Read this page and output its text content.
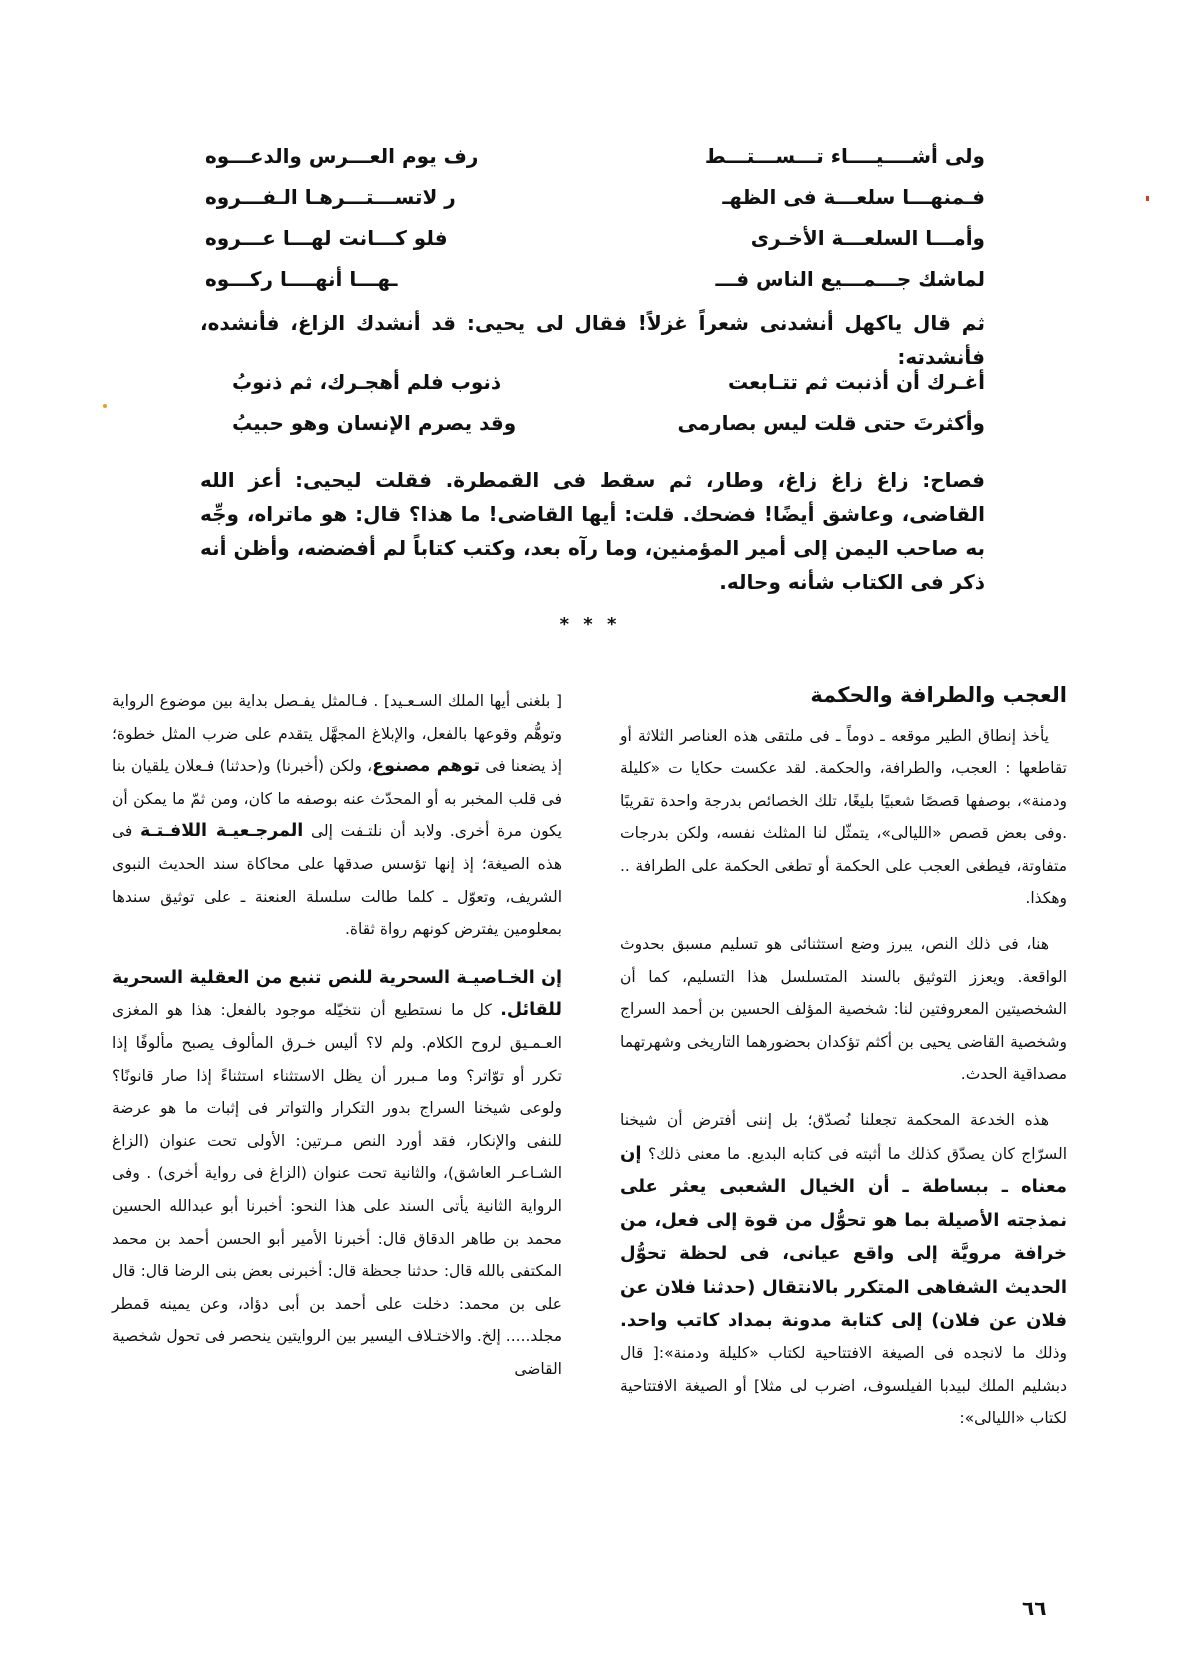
ولى أشــــيــــاء تـــســـتـــط
رف يوم العـــرس والدعـــوه
فـمنهـــا سلعـــة فى الظهـ
ر لاتســـتـــرهـا الـفـــروه
وأمـــا السلعـــة الأخـرى
فلو كـــانت لهـــا عـــروه
لماشك جـــمـــيع الناس فـــ
ـهـــا أنهــــا ركـــوه
ثم قال ياكهل أنشدنى شعراً غزلاً! فقال لى يحيى: قد أنشدك الزاغ، فأنشده، فأنشدته:
أغـرك أن أذنبت ثم تتـابعت
ذنوب فلم أهجـرك، ثم ذنوبُ
وأكثرتَ حتى قلت ليس بصارمى
وقد يصرم الإنسان وهو حبيبُ
فصاح: زاغ زاغ زاغ، وطار، ثم سقط فى القمطرة. فقلت ليحيى: أعز الله القاضى، وعاشق أيضًا! فضحك. قلت: أيها القاضى! ما هذا؟ قال: هو ماتراه، وجِّه به صاحب اليمن إلى أمير المؤمنين، وما رآه بعد، وكتب كتاباً لم أفضضه، وأظن أنه ذكر فى الكتاب شأنه وحاله.
* * *
العجب والطرافة والحكمة

يأخذ إنطاق الطير موقعه ـ دوماً ـ فى ملتقى هذه العناصر الثلاثة أو تقاطعها : العجب، والطرافة، والحكمة. لقد عكست حكايا ت «كليلة ودمنة»، بوصفها قصصًا شعبيًا بليغًا، تلك الخصائص بدرجة واحدة تقريبًا .وفى بعض قصص «الليالى»، يتمثّل لنا المثلث نفسه، ولكن بدرجات متفاوتة، فيطغى العجب على الحكمة أو تطغى الحكمة على الطرافة .. وهكذا.

هنا، فى ذلك النص، يبرز وضع استثنائى هو تسليم مسبق بحدوث الواقعة. ويعزز التوثيق بالسند المتسلسل هذا التسليم، كما أن الشخصيتين المعروفتين لنا: شخصية المؤلف الحسين بن أحمد السراج وشخصية القاضى يحيى بن أكثم تؤكدان بحضورهما التاريخى وشهرتهما مصداقية الحدث.

هذه الخدعة المحكمة تجعلنا نُصدّق؛ بل إننى أفترض أن شيخنا السرّاج كان يصدّق كذلك ما أثبته فى كتابه البديع. ما معنى ذلك؟ إن معناه ـ ببساطة ـ أن الخيال الشعبى يعثر على نمذجته الأصيلة بما هو تحوُّل من قوة إلى فعل، من خرافة مرويَّة إلى واقع عيانى، فى لحظة تحوُّل الحديث الشفاهى المتكرر بالانتقال (حدثنا فلان عن فلان عن فلان) إلى كتابة مدونة بمداد كاتب واحد. وذلك ما لانجده فى الصيغة الافتتاحية لكتاب «كليلة ودمنة»:[ قال دبشليم الملك لبيدبا الفيلسوف، اضرب لى مثلا] أو الصيغة الافتتاحية لكتاب «الليالى»:

[ بلغنى أيها الملك السـعـيد] . فـالمثل يفـصل بداية بين موضوع الرواية وتوهُّم وقوعها بالفعل، والإبلاغ المجهَّل يتقدم على ضرب المثل خطوة؛ إذ يضعنا فى توهم مصنوع، ولكن (أخبرنا) و(حدثنا) فـعلان يلقيان بنا فى قلب المخبر به أو المحدّث عنه بوصفه ما كان، ومن ثمّ ما يمكن أن يكون مرة أخرى. ولابد أن نلتـفت إلى المرجـعيـة اللافـتـة فى هذه الصيغة؛ إذ إنها تؤسس صدقها على محاكاة سند الحديث النبوى الشريف، وتعوّل ـ كلما طالت سلسلة العنعنة ـ على توثيق سندها بمعلومين يفترض كونهم رواة ثقاة.

إن الخـاصيـة السحرية للنص تنبع من العقلية السحرية للقائل. كل ما نستطيع أن نتخيّله موجود بالفعل: هذا هو المغزى العـمـيق لروح الكلام. ولم لا؟ أليس خـرق المألوف يصبح مألوفًا إذا تكرر أو توّاتر؟ وما مـبرر أن يظل الاستثناء استثناءً إذا صار قانونًا؟ ولوعى شيخنا السراج بدور التكرار والتواتر فى إثبات ما هو عرضة للنفى والإنكار، فقد أورد النص مـرتين: الأولى تحت عنوان (الزاغ الشـاعـر العاشق)، والثانية تحت عنوان (الزاغ فى رواية أخرى) . وفى الرواية الثانية يأتى السند على هذا النحو: أخبرنا أبو عبدالله الحسين محمد بن طاهر الدقاق قال: أخبرنا الأمير أبو الحسن أحمد بن محمد المكتفى بالله قال: حدثنا جحظة قال: أخبرنى بعض بنى الرضا قال: قال على بن محمد: دخلت على أحمد بن أبى دؤاد، وعن يمينه قمطر مجلد..... إلخ. والاختـلاف اليسير بين الروايتين ينحصر فى تحول شخصية القاضى

٦٦
